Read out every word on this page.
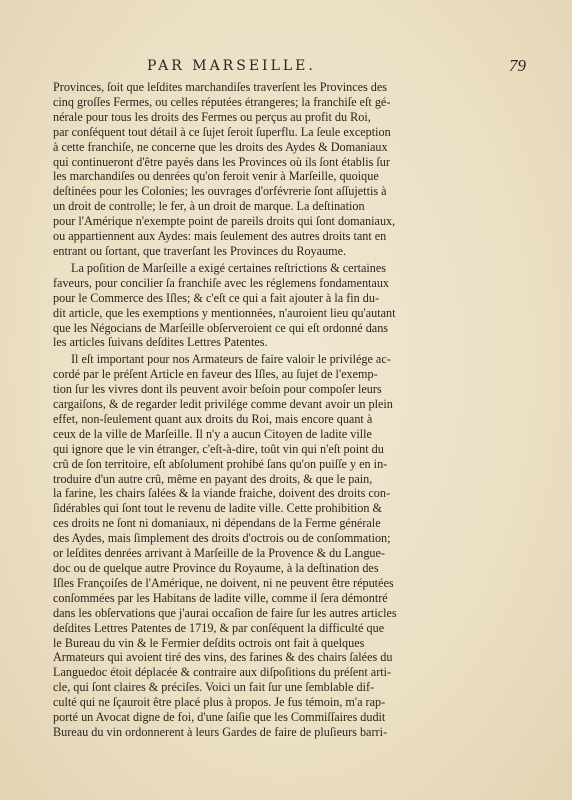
PAR MARSEILLE.	79
Provinces, ſoit que leſdites marchandiſes traverſent les Provinces des
cinq groſſes Fermes, ou celles réputées étrangeres; la franchiſe eſt gé-
nérale pour tous les droits des Fermes ou perçus au profit du Roi,
par conſéquent tout détail à ce ſujet ſeroit ſuperflu. La ſeule exception
à cette franchiſe, ne concerne que les droits des Aydes & Domaniaux
qui continueront d'être payés dans les Provinces où ils ſont établis ſur
les marchandiſes ou denrées qu'on feroit venir à Marſeille, quoique
deſtinées pour les Colonies; les ouvrages d'orfévrerie ſont aſſujettis à
un droit de controlle; le fer, à un droit de marque. La deſtination
pour l'Amérique n'exempte point de pareils droits qui ſont domaniaux,
ou appartiennent aux Aydes: mais ſeulement des autres droits tant en
entrant ou ſortant, que traverſant les Provinces du Royaume.
La poſition de Marſeille a exigé certaines reſtrictions & certaines
faveurs, pour concilier ſa franchiſe avec les réglemens fondamentaux
pour le Commerce des Iſles; & c'eſt ce qui a fait ajouter à la fin du-
dit article, que les exemptions y mentionnées, n'auroient lieu qu'autant
que les Négocians de Marſeille obſerveroient ce qui eſt ordonné dans
les articles ſuivans deſdites Lettres Patentes.
Il eſt important pour nos Armateurs de faire valoir le privilége ac-
cordé par le préſent Article en faveur des Iſles, au ſujet de l'exemp-
tion ſur les vivres dont ils peuvent avoir beſoin pour compoſer leurs
cargaiſons, & de regarder ledit privilége comme devant avoir un plein
effet, non-ſeulement quant aux droits du Roi, mais encore quant à
ceux de la ville de Marſeille. Il n'y a aucun Citoyen de ladite ville
qui ignore que le vin étranger, c'eſt-à-dire, toût vin qui n'eſt point du
crû de ſon territoire, eſt abſolument prohibé ſans qu'on puiſſe y en in-
troduire d'un autre crû, même en payant des droits, & que le pain,
la farine, les chairs ſalées & la viande fraiche, doivent des droits con-
ſidérables qui ſont tout le revenu de ladite ville. Cette prohibition &
ces droits ne ſont ni domaniaux, ni dépendans de la Ferme générale
des Aydes, mais ſimplement des droits d'octrois ou de conſommation;
or leſdites denrées arrivant à Marſeille de la Provence & du Langue-
doc ou de quelque autre Province du Royaume, à la deſtination des
Iſles Françoiſes de l'Amérique, ne doivent, ni ne peuvent être réputées
conſommées par les Habitans de ladite ville, comme il ſera démontré
dans les obſervations que j'aurai occaſion de faire ſur les autres articles
deſdites Lettres Patentes de 1719, & par conſéquent la difficulté que
le Bureau du vin & le Fermier deſdits octrois ont fait à quelques
Armateurs qui avoient tiré des vins, des farines & des chairs ſalées du
Languedoc étoit déplacée & contraire aux diſpoſitions du préſent arti-
cle, qui ſont claires & préciſes. Voici un fait ſur une ſemblable dif-
culté qui ne ſçauroit être placé plus à propos. Je fus témoin, m'a rap-
porté un Avocat digne de foi, d'une ſaiſie que les Commiſſaires dudit
Bureau du vin ordonnerent à leurs Gardes de faire de pluſieurs barri-
